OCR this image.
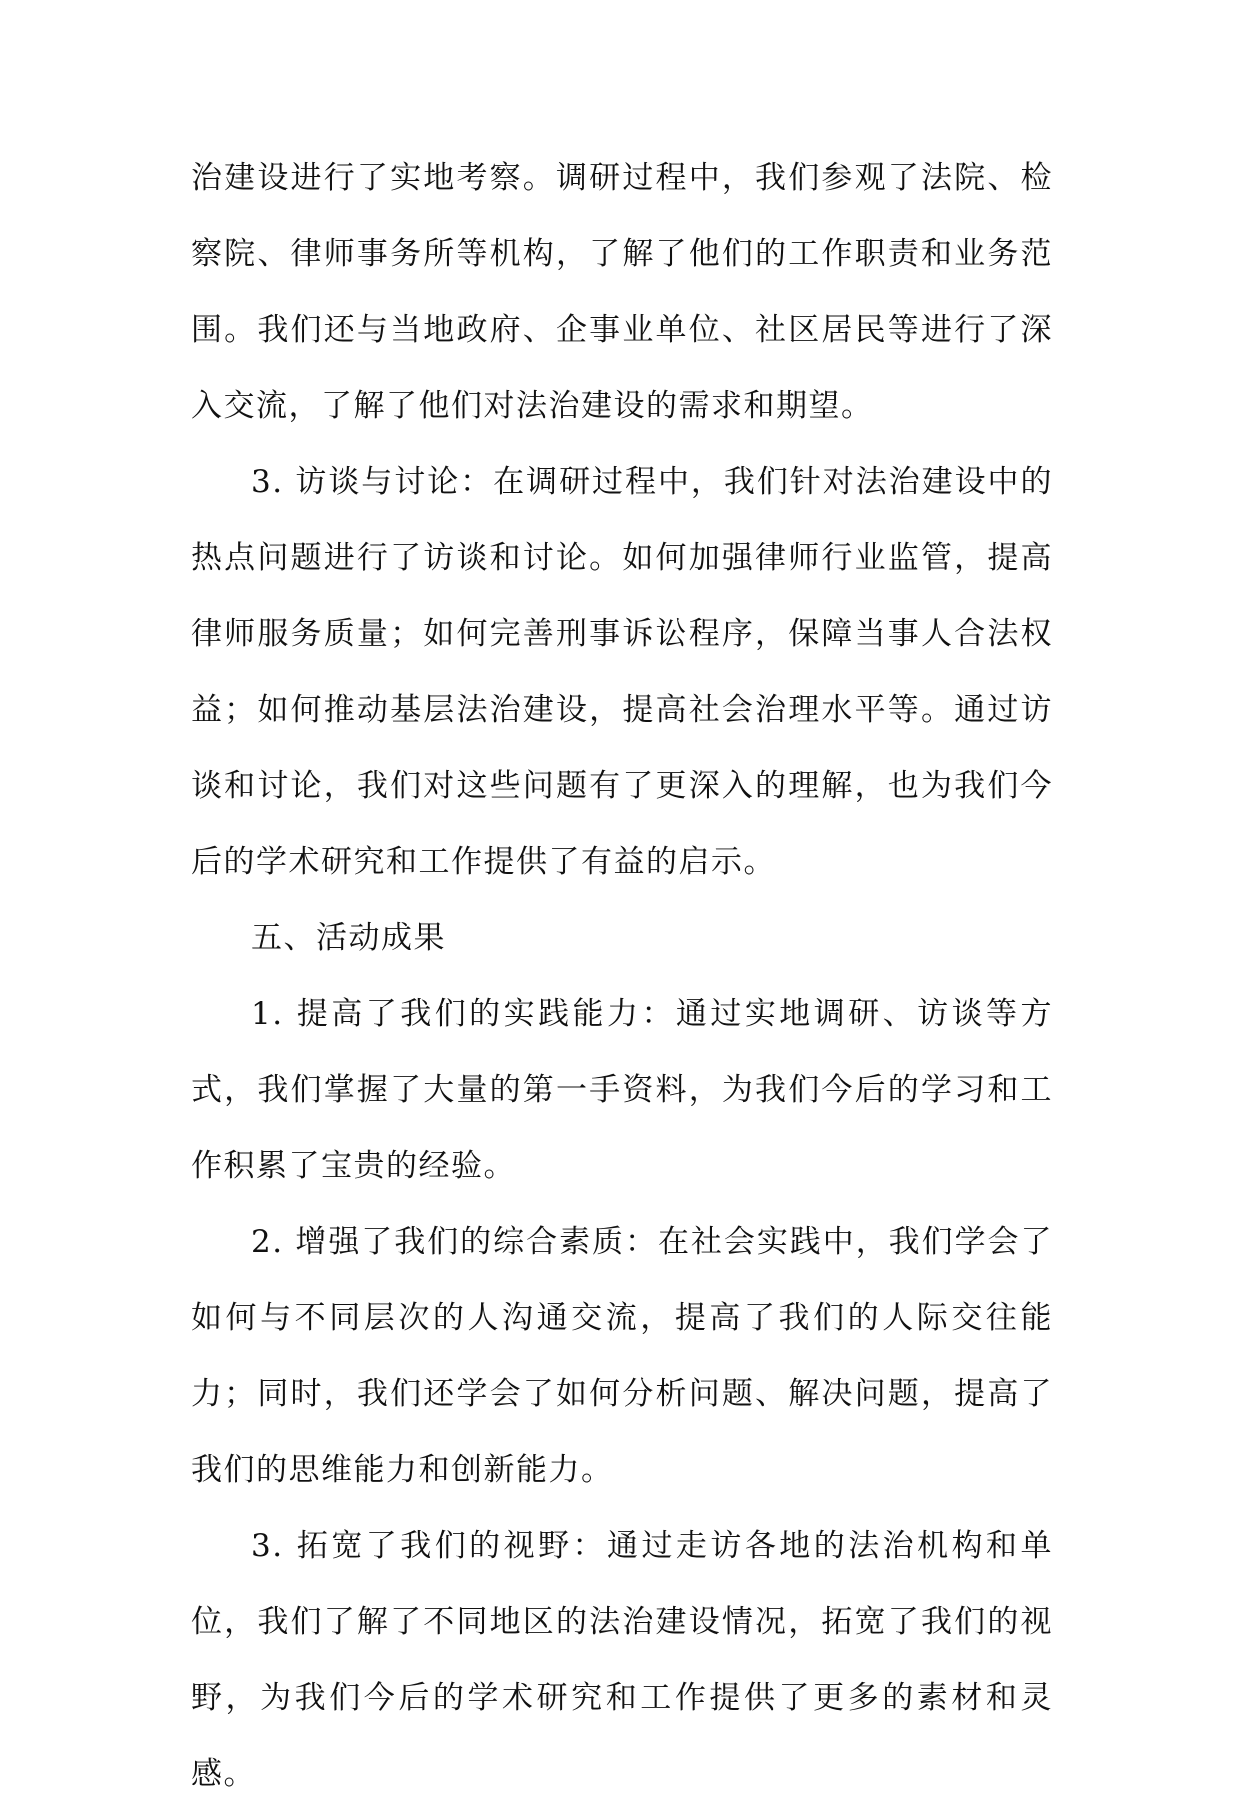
治建设进行了实地考察。调研过程中，我们参观了法院、检察院、律师事务所等机构，了解了他们的工作职责和业务范围。我们还与当地政府、企事业单位、社区居民等进行了深入交流，了解了他们对法治建设的需求和期望。

3. 访谈与讨论：在调研过程中，我们针对法治建设中的热点问题进行了访谈和讨论。如何加强律师行业监管，提高律师服务质量；如何完善刑事诉讼程序，保障当事人合法权益；如何推动基层法治建设，提高社会治理水平等。通过访谈和讨论，我们对这些问题有了更深入的理解，也为我们今后的学术研究和工作提供了有益的启示。

五、活动成果

1. 提高了我们的实践能力：通过实地调研、访谈等方式，我们掌握了大量的第一手资料，为我们今后的学习和工作积累了宝贵的经验。

2. 增强了我们的综合素质：在社会实践中，我们学会了如何与不同层次的人沟通交流，提高了我们的人际交往能力；同时，我们还学会了如何分析问题、解决问题，提高了我们的思维能力和创新能力。

3. 拓宽了我们的视野：通过走访各地的法治机构和单位，我们了解了不同地区的法治建设情况，拓宽了我们的视野，为我们今后的学术研究和工作提供了更多的素材和灵感。
